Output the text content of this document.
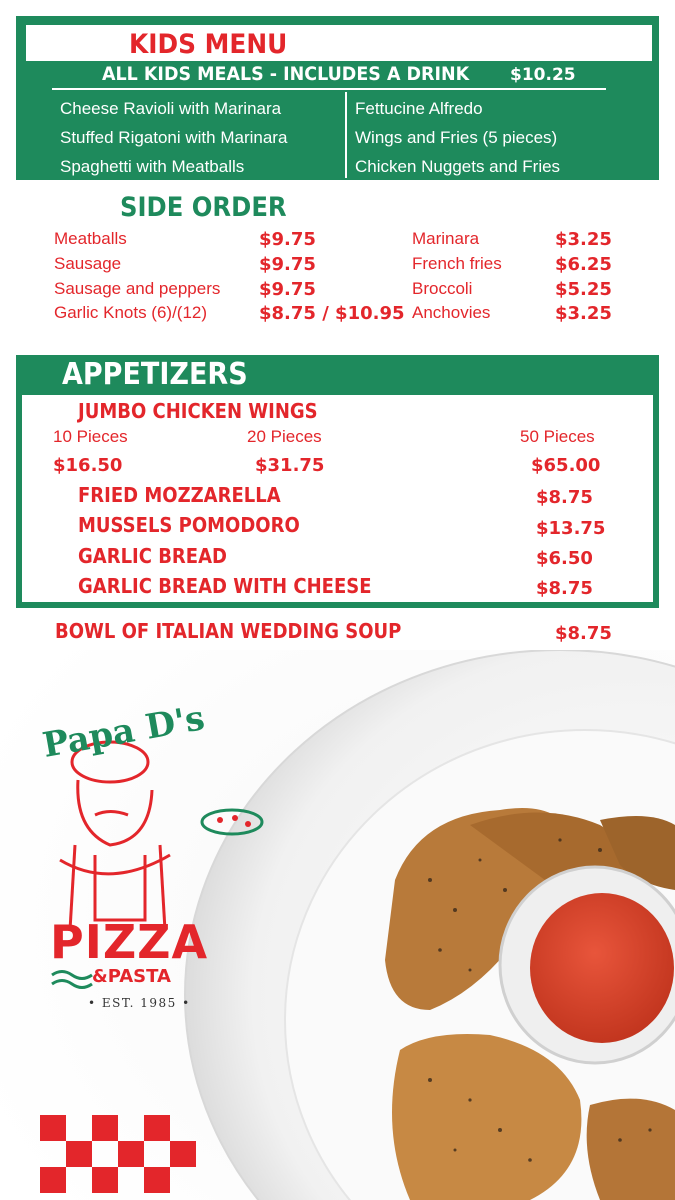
KIDS MENU
ALL KIDS MEALS - INCLUDES A DRINK $10.25
Cheese Ravioli with Marinara
Stuffed Rigatoni with Marinara
Spaghetti with Meatballs
Fettucine Alfredo
Wings and Fries (5 pieces)
Chicken Nuggets and Fries
SIDE ORDER
Meatballs	$9.75
Sausage	$9.75
Sausage and peppers $9.75
Garlic Knots (6)/(12)	$8.75 / $10.95
Marinara	$3.25
French fries	$6.25
Broccoli	$5.25
Anchovies	$3.25
APPETIZERS
JUMBO CHICKEN WINGS
10 Pieces	20 Pieces	50 Pieces
$16.50	$31.75	$65.00
FRIED MOZZARELLA	$8.75
MUSSELS POMODORO	$13.75
GARLIC BREAD	$6.50
GARLIC BREAD WITH CHEESE	$8.75
BOWL OF ITALIAN WEDDING SOUP	$8.75
Papa D's
PIZZA
&PASTA
• EST. 1985 •
